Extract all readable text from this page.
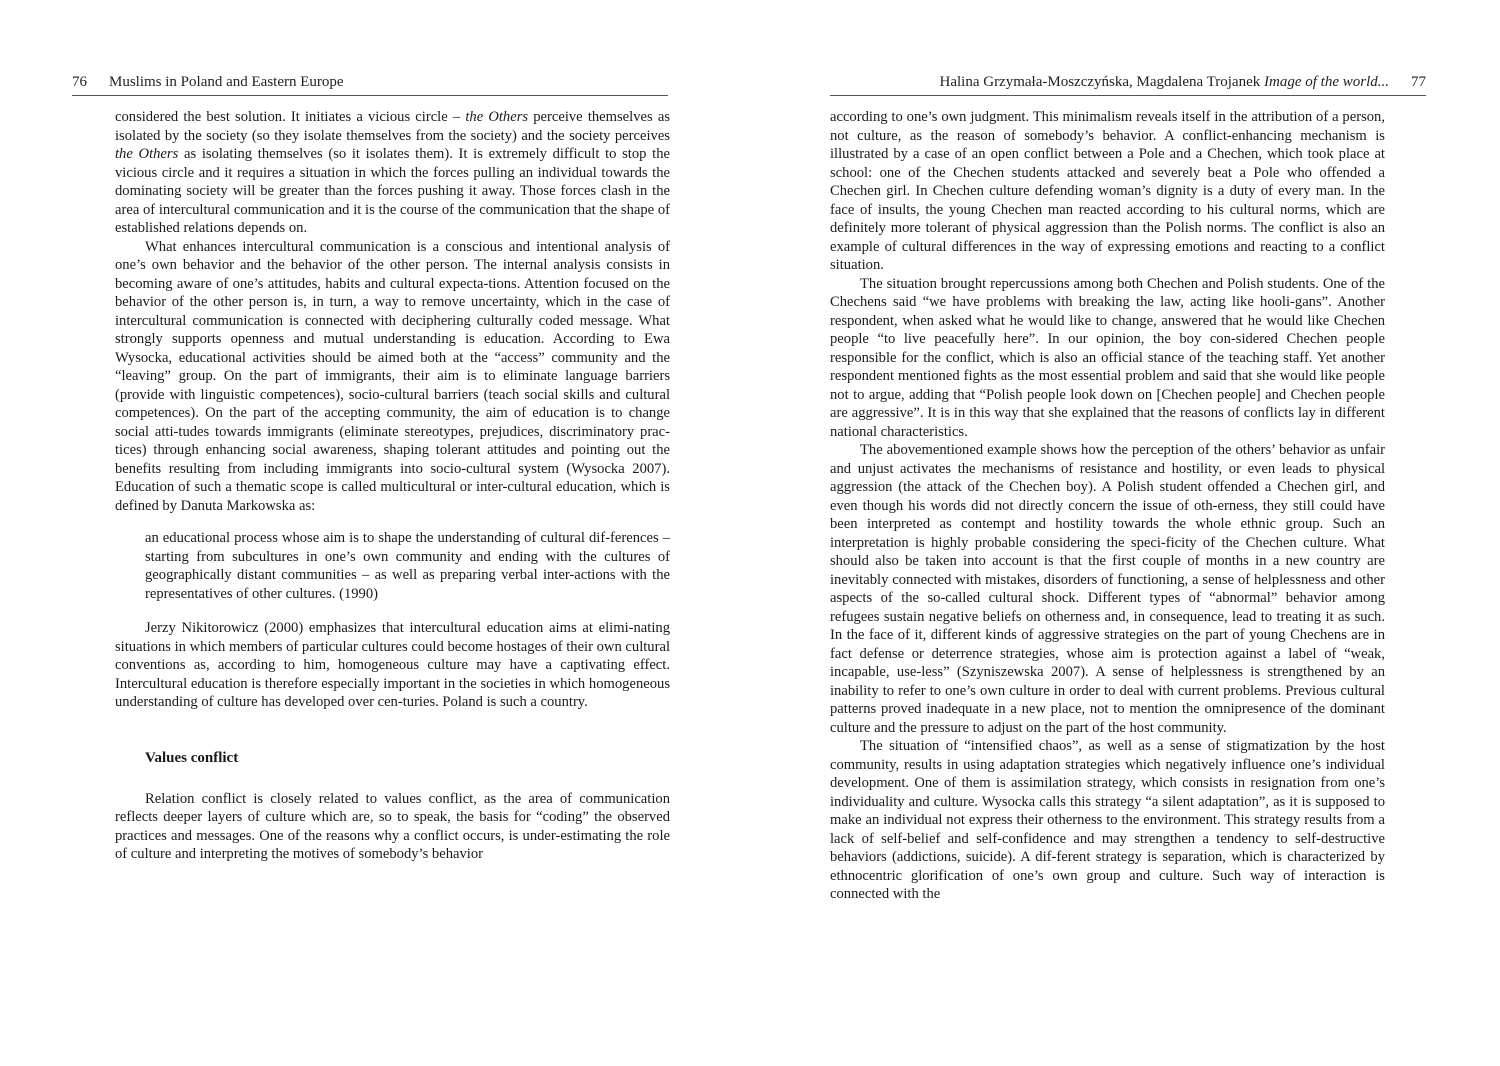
76 Muslims in Poland and Eastern Europe

considered the best solution. It initiates a vicious circle – the Others perceive themselves as isolated by the society (so they isolate themselves from the society) and the society perceives the Others as isolating themselves (so it isolates them). It is extremely difficult to stop the vicious circle and it requires a situation in which the forces pulling an individual towards the dominating society will be greater than the forces pushing it away. Those forces clash in the area of intercultural communication and it is the course of the communication that the shape of established relations depends on.

What enhances intercultural communication is a conscious and intentional analysis of one’s own behavior and the behavior of the other person. The internal analysis consists in becoming aware of one’s attitudes, habits and cultural expecta-tions. Attention focused on the behavior of the other person is, in turn, a way to remove uncertainty, which in the case of intercultural communication is connected with deciphering culturally coded message. What strongly supports openness and mutual understanding is education. According to Ewa Wysocka, educational activities should be aimed both at the “access” community and the “leaving” group. On the part of immigrants, their aim is to eliminate language barriers (provide with linguistic competences), socio-cultural barriers (teach social skills and cultural competences). On the part of the accepting community, the aim of education is to change social atti-tudes towards immigrants (eliminate stereotypes, prejudices, discriminatory prac-tices) through enhancing social awareness, shaping tolerant attitudes and pointing out the benefits resulting from including immigrants into socio-cultural system (Wysocka 2007). Education of such a thematic scope is called multicultural or inter-cultural education, which is defined by Danuta Markowska as:

an educational process whose aim is to shape the understanding of cultural dif-ferences – starting from subcultures in one’s own community and ending with the cultures of geographically distant communities – as well as preparing verbal inter-actions with the representatives of other cultures. (1990)

Jerzy Nikitorowicz (2000) emphasizes that intercultural education aims at elimi-nating situations in which members of particular cultures could become hostages of their own cultural conventions as, according to him, homogeneous culture may have a captivating effect. Intercultural education is therefore especially important in the societies in which homogeneous understanding of culture has developed over cen-turies. Poland is such a country.

Values conflict

Relation conflict is closely related to values conflict, as the area of communication reflects deeper layers of culture which are, so to speak, the basis for “coding” the observed practices and messages. One of the reasons why a conflict occurs, is under-estimating the role of culture and interpreting the motives of somebody’s behavior

Halina Grzymała-Moszczyńska, Magdalena Trojanek Image of the world... 77

according to one’s own judgment. This minimalism reveals itself in the attribution of a person, not culture, as the reason of somebody’s behavior. A conflict-enhancing mechanism is illustrated by a case of an open conflict between a Pole and a Chechen, which took place at school: one of the Chechen students attacked and severely beat a Pole who offended a Chechen girl. In Chechen culture defending woman’s dignity is a duty of every man. In the face of insults, the young Chechen man reacted according to his cultural norms, which are definitely more tolerant of physical aggression than the Polish norms. The conflict is also an example of cultural differences in the way of expressing emotions and reacting to a conflict situation.

The situation brought repercussions among both Chechen and Polish students. One of the Chechens said “we have problems with breaking the law, acting like hooli-gans”. Another respondent, when asked what he would like to change, answered that he would like Chechen people “to live peacefully here”. In our opinion, the boy con-sidered Chechen people responsible for the conflict, which is also an official stance of the teaching staff. Yet another respondent mentioned fights as the most essential problem and said that she would like people not to argue, adding that “Polish people look down on [Chechen people] and Chechen people are aggressive”. It is in this way that she explained that the reasons of conflicts lay in different national characteristics.

The abovementioned example shows how the perception of the others’ behavior as unfair and unjust activates the mechanisms of resistance and hostility, or even leads to physical aggression (the attack of the Chechen boy). A Polish student offended a Chechen girl, and even though his words did not directly concern the issue of oth-erness, they still could have been interpreted as contempt and hostility towards the whole ethnic group. Such an interpretation is highly probable considering the speci-ficity of the Chechen culture. What should also be taken into account is that the first couple of months in a new country are inevitably connected with mistakes, disorders of functioning, a sense of helplessness and other aspects of the so-called cultural shock. Different types of “abnormal” behavior among refugees sustain negative beliefs on otherness and, in consequence, lead to treating it as such. In the face of it, different kinds of aggressive strategies on the part of young Chechens are in fact defense or deterrence strategies, whose aim is protection against a label of “weak, incapable, use-less” (Szyniszewska 2007). A sense of helplessness is strengthened by an inability to refer to one’s own culture in order to deal with current problems. Previous cultural patterns proved inadequate in a new place, not to mention the omnipresence of the dominant culture and the pressure to adjust on the part of the host community.

The situation of “intensified chaos”, as well as a sense of stigmatization by the host community, results in using adaptation strategies which negatively influence one’s individual development. One of them is assimilation strategy, which consists in resignation from one’s individuality and culture. Wysocka calls this strategy “a silent adaptation”, as it is supposed to make an individual not express their otherness to the environment. This strategy results from a lack of self-belief and self-confidence and may strengthen a tendency to self-destructive behaviors (addictions, suicide). A dif-ferent strategy is separation, which is characterized by ethnocentric glorification of one’s own group and culture. Such way of interaction is connected with the
